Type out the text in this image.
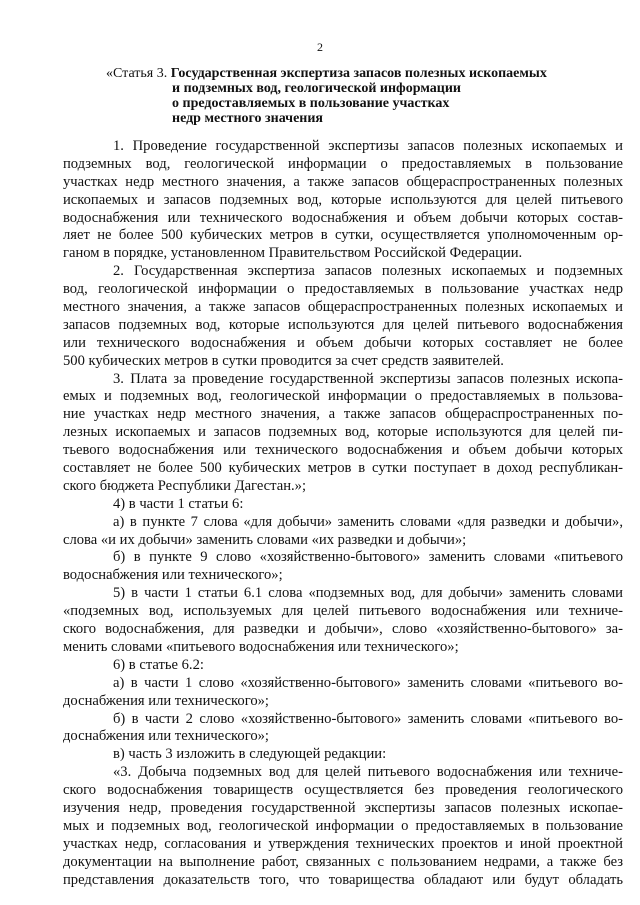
2
«Статья 3. Государственная экспертиза запасов полезных ископаемых
и подземных вод, геологической информации
о предоставляемых в пользование участках
недр местного значения
1. Проведение государственной экспертизы запасов полезных ископаемых и
подземных вод, геологической информации о предоставляемых в пользование
участках недр местного значения, а также запасов общераспространенных полезных
ископаемых и запасов подземных вод, которые используются для целей питьевого
водоснабжения или технического водоснабжения и объем добычи которых состав-
ляет не более 500 кубических метров в сутки, осуществляется уполномоченным ор-
ганом в порядке, установленном Правительством Российской Федерации.
2. Государственная экспертиза запасов полезных ископаемых и подземных
вод, геологической информации о предоставляемых в пользование участках недр
местного значения, а также запасов общераспространенных полезных ископаемых и
запасов подземных вод, которые используются для целей питьевого водоснабжения
или технического водоснабжения и объем добычи которых составляет не более
500 кубических метров в сутки проводится за счет средств заявителей.
3. Плата за проведение государственной экспертизы запасов полезных ископа-
емых и подземных вод, геологической информации о предоставляемых в пользова-
ние участках недр местного значения, а также запасов общераспространенных по-
лезных ископаемых и запасов подземных вод, которые используются для целей пи-
тьевого водоснабжения или технического водоснабжения и объем добычи которых
составляет не более 500 кубических метров в сутки поступает в доход республикан-
ского бюджета Республики Дагестан.»;
4) в части 1 статьи 6:
а) в пункте 7 слова «для добычи» заменить словами «для разведки и добычи»,
слова «и их добычи» заменить словами «их разведки и добычи»;
б) в пункте 9 слово «хозяйственно-бытового» заменить словами «питьевого
водоснабжения или технического»;
5) в части 1 статьи 6.1 слова «подземных вод, для добычи» заменить словами
«подземных вод, используемых для целей питьевого водоснабжения или техниче-
ского водоснабжения, для разведки и добычи», слово «хозяйственно-бытового» за-
менить словами «питьевого водоснабжения или технического»;
6) в статье 6.2:
а) в части 1 слово «хозяйственно-бытового» заменить словами «питьевого во-
доснабжения или технического»;
б) в части 2 слово «хозяйственно-бытового» заменить словами «питьевого во-
доснабжения или технического»;
в) часть 3 изложить в следующей редакции:
«3. Добыча подземных вод для целей питьевого водоснабжения или техниче-
ского водоснабжения товариществ осуществляется без проведения геологического
изучения недр, проведения государственной экспертизы запасов полезных ископае-
мых и подземных вод, геологической информации о предоставляемых в пользование
участках недр, согласования и утверждения технических проектов и иной проектной
документации на выполнение работ, связанных с пользованием недрами, а также без
представления доказательств того, что товарищества обладают или будут обладать
